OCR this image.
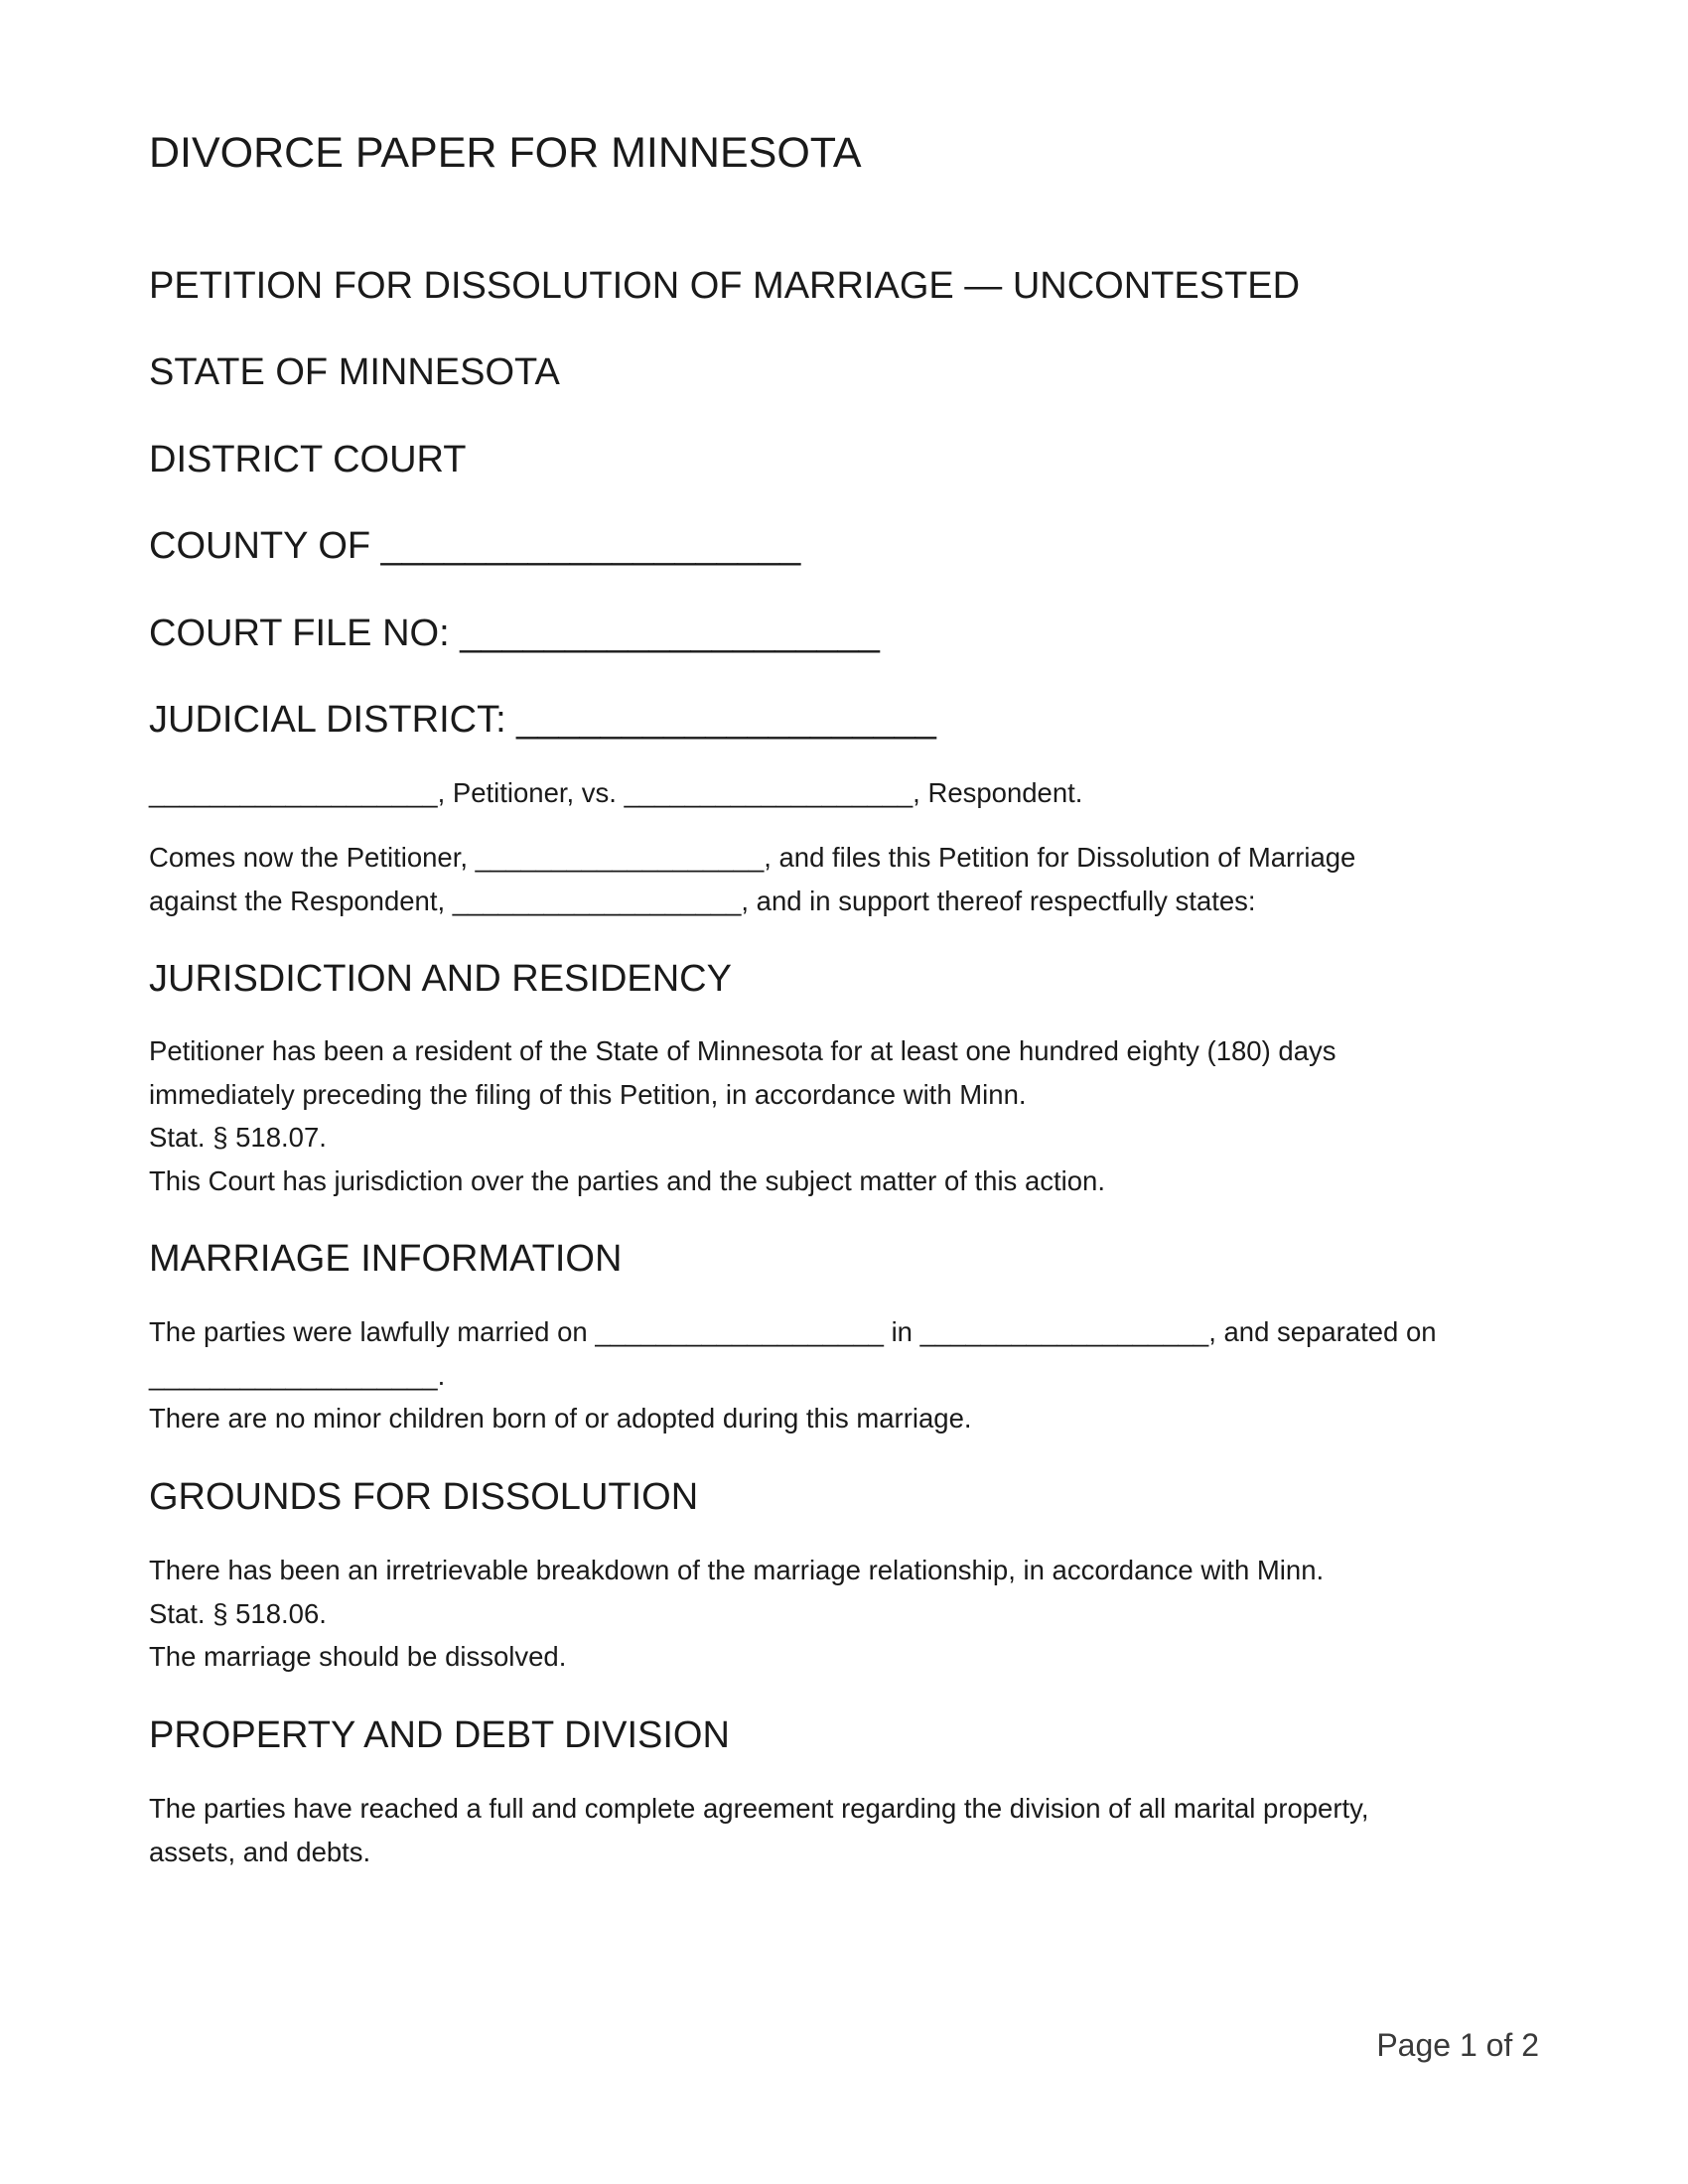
DIVORCE PAPER FOR MINNESOTA
PETITION FOR DISSOLUTION OF MARRIAGE — UNCONTESTED
STATE OF MINNESOTA
DISTRICT COURT
COUNTY OF ____________________
COURT FILE NO: ____________________
JUDICIAL DISTRICT: ____________________

___________________, Petitioner, vs. ___________________, Respondent.

Comes now the Petitioner, ___________________, and files this Petition for Dissolution of Marriage
against the Respondent, ___________________, and in support thereof respectfully states:

JURISDICTION AND RESIDENCY

Petitioner has been a resident of the State of Minnesota for at least one hundred eighty (180) days
immediately preceding the filing of this Petition, in accordance with Minn.
Stat. § 518.07.
This Court has jurisdiction over the parties and the subject matter of this action.

MARRIAGE INFORMATION

The parties were lawfully married on ___________________ in ___________________, and separated on
___________________.
There are no minor children born of or adopted during this marriage.

GROUNDS FOR DISSOLUTION

There has been an irretrievable breakdown of the marriage relationship, in accordance with Minn.
Stat. § 518.06.
The marriage should be dissolved.

PROPERTY AND DEBT DIVISION

The parties have reached a full and complete agreement regarding the division of all marital property,
assets, and debts.

Page 1 of 2
